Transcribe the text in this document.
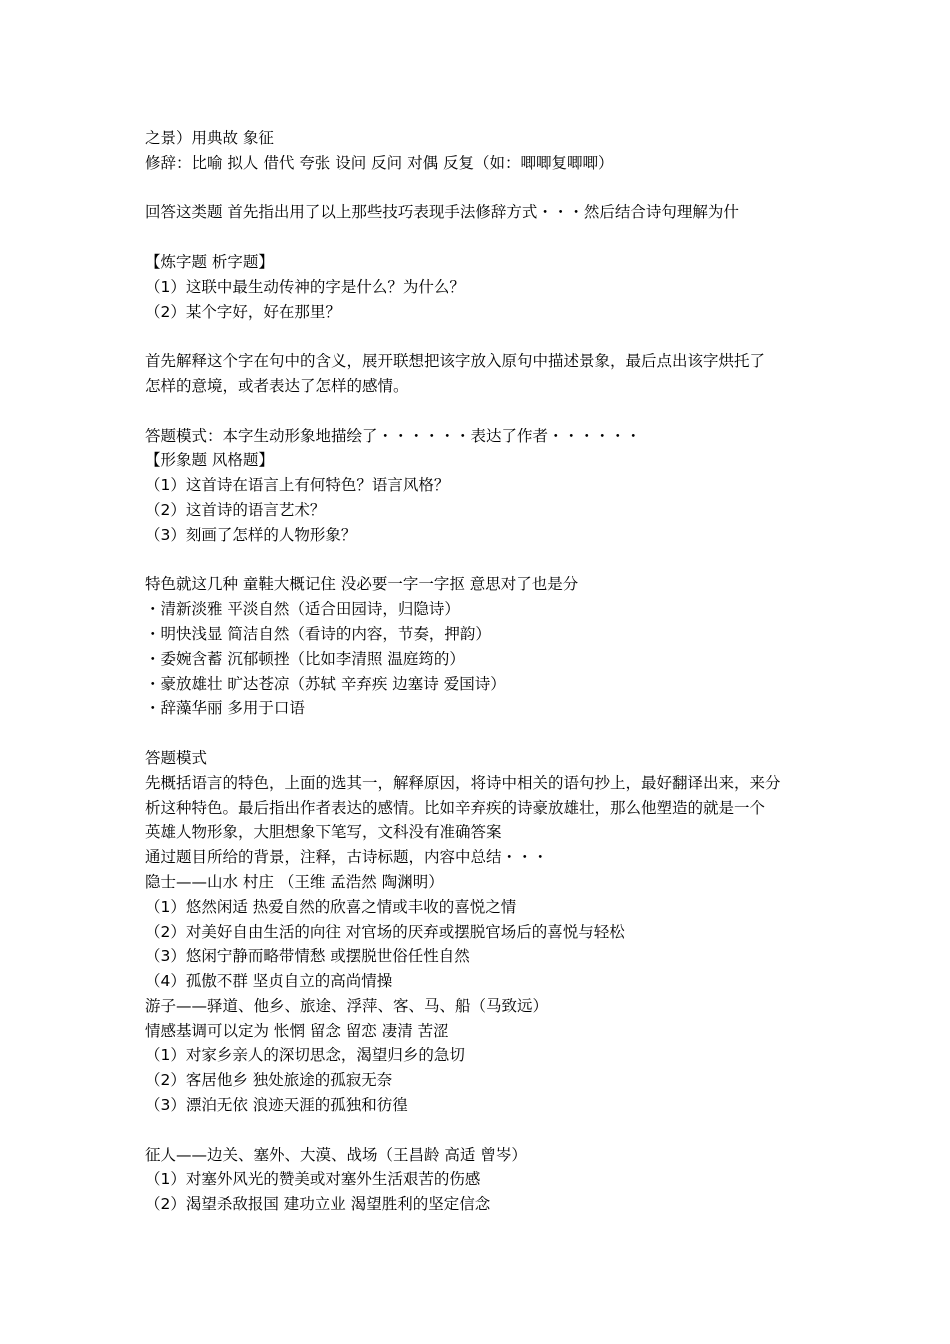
之景）用典故 象征
修辞：比喻 拟人 借代 夸张 设问 反问 对偶 反复（如：唧唧复唧唧）
回答这类题 首先指出用了以上那些技巧表现手法修辞方式・・・然后结合诗句理解为什
【炼字题 析字题】
（1）这联中最生动传神的字是什么？为什么？
（2）某个字好，好在那里？
首先解释这个字在句中的含义，展开联想把该字放入原句中描述景象，最后点出该字烘托了
怎样的意境，或者表达了怎样的感情。
答题模式：本字生动形象地描绘了・・・・・・表达了作者・・・・・・
【形象题 风格题】
（1）这首诗在语言上有何特色？语言风格？
（2）这首诗的语言艺术？
（3）刻画了怎样的人物形象？
特色就这几种 童鞋大概记住 没必要一字一字抠 意思对了也是分
・清新淡雅 平淡自然（适合田园诗，归隐诗）
・明快浅显 简洁自然（看诗的内容，节奏，押韵）
・委婉含蓄 沉郁顿挫（比如李清照 温庭筠的）
・豪放雄壮 旷达苍凉（苏轼 辛弃疾 边塞诗 爱国诗）
・辞藻华丽 多用于口语
答题模式
先概括语言的特色，上面的选其一，解释原因，将诗中相关的语句抄上，最好翻译出来，来分
析这种特色。最后指出作者表达的感情。比如辛弃疾的诗豪放雄壮，那么他塑造的就是一个
英雄人物形象，大胆想象下笔写，文科没有准确答案
通过题目所给的背景，注释，古诗标题，内容中总结・・・
隐士——山水 村庄 （王维 孟浩然 陶渊明）
（1）悠然闲适 热爱自然的欣喜之情或丰收的喜悦之情
（2）对美好自由生活的向往 对官场的厌弃或摆脱官场后的喜悦与轻松
（3）悠闲宁静而略带情愁 或摆脱世俗任性自然
（4）孤傲不群 坚贞自立的高尚情操
游子——驿道、他乡、旅途、浮萍、客、马、船（马致远）
情感基调可以定为 怅惘 留念 留恋 凄清 苦涩
（1）对家乡亲人的深切思念，渴望归乡的急切
（2）客居他乡 独处旅途的孤寂无奈
（3）漂泊无依 浪迹天涯的孤独和彷徨
征人——边关、塞外、大漠、战场（王昌龄 高适 曾岑）
（1）对塞外风光的赞美或对塞外生活艰苦的伤感
（2）渴望杀敌报国 建功立业 渴望胜利的坚定信念
